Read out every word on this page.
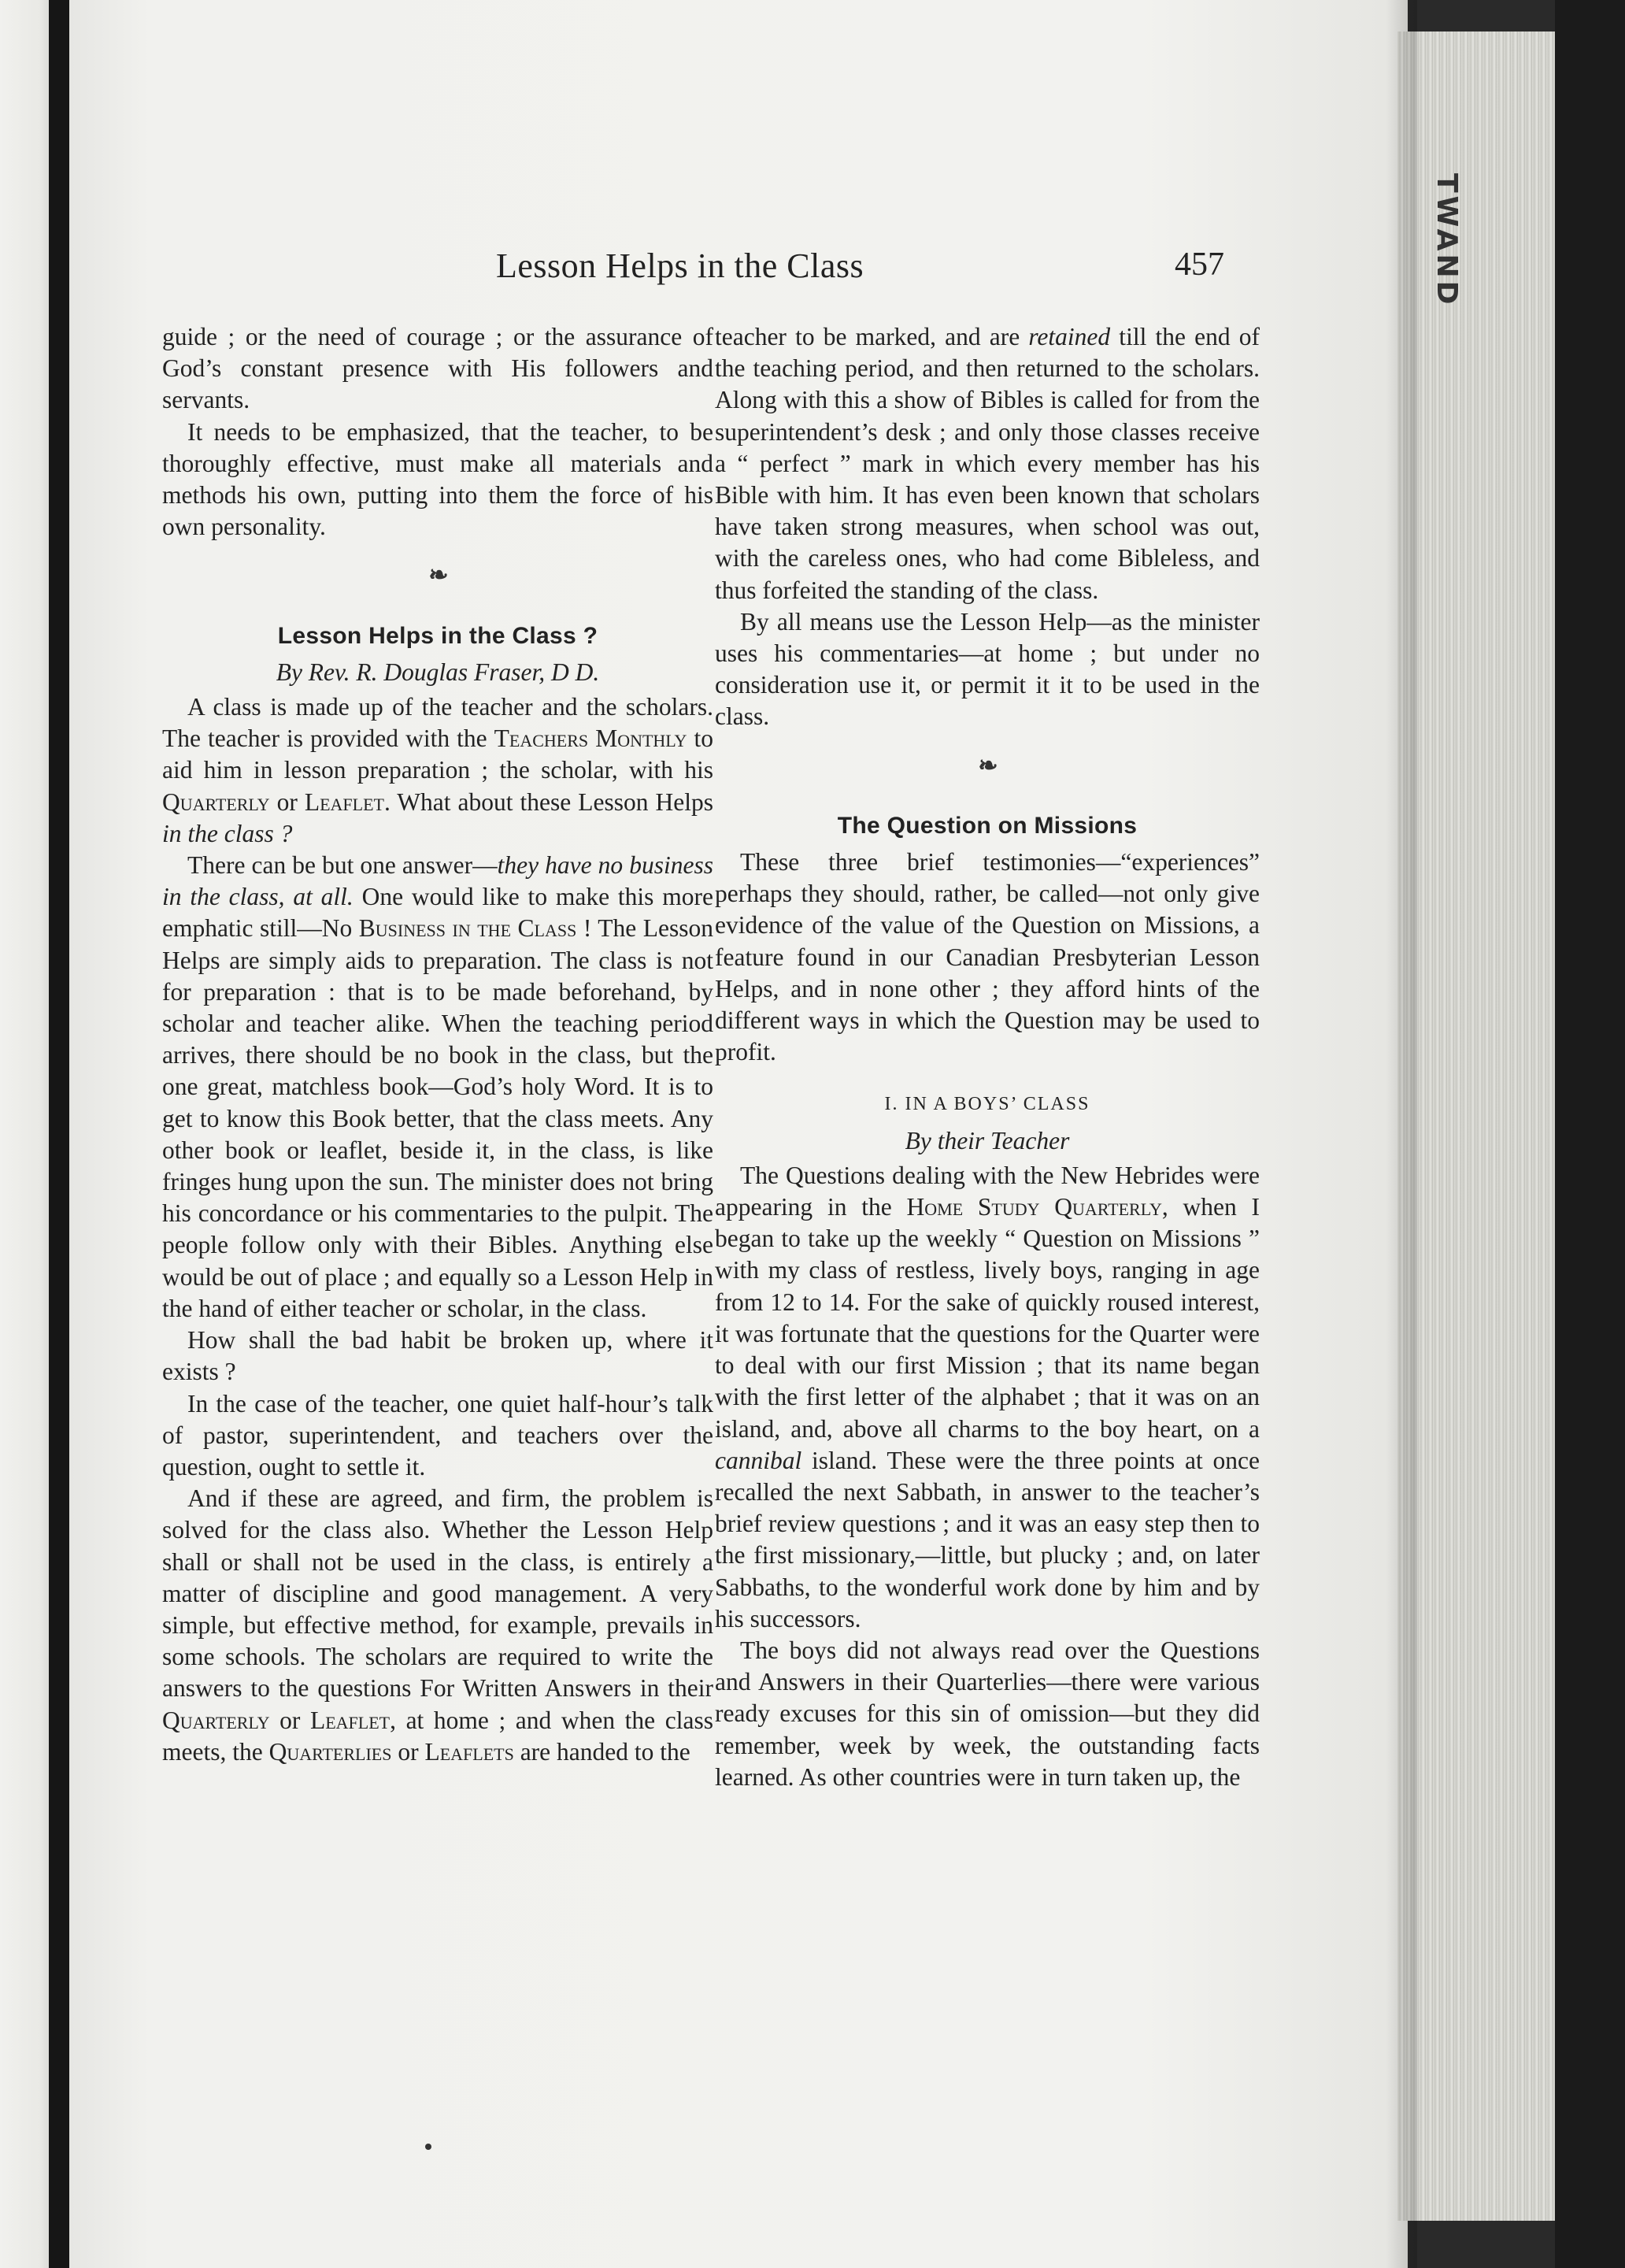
TWAND
Lesson Helps in the Class	457

guide ; or the need of courage ; or the assurance of God’s constant presence with His followers and servants.

It needs to be emphasized, that the teacher, to be thoroughly effective, must make all materials and methods his own, putting into them the force of his own personality.

❧
Lesson Helps in the Class ?
By Rev. R. Douglas Fraser, D D.

A class is made up of the teacher and the scholars. The teacher is provided with the Teachers Monthly to aid him in lesson preparation ; the scholar, with his Quarterly or Leaflet. What about these Lesson Helps in the class ?

There can be but one answer—they have no business in the class, at all. One would like to make this more emphatic still—No Business in the Class ! The Lesson Helps are simply aids to preparation. The class is not for preparation : that is to be made beforehand, by scholar and teacher alike. When the teaching period arrives, there should be no book in the class, but the one great, matchless book—God’s holy Word. It is to get to know this Book better, that the class meets. Any other book or leaflet, beside it, in the class, is like fringes hung upon the sun. The minister does not bring his concordance or his commentaries to the pulpit. The people follow only with their Bibles. Anything else would be out of place ; and equally so a Lesson Help in the hand of either teacher or scholar, in the class.

How shall the bad habit be broken up, where it exists ?

In the case of the teacher, one quiet half-hour’s talk of pastor, superintendent, and teachers over the question, ought to settle it.

And if these are agreed, and firm, the problem is solved for the class also. Whether the Lesson Help shall or shall not be used in the class, is entirely a matter of discipline and good management. A very simple, but effective method, for example, prevails in some schools. The scholars are required to write the answers to the questions For Written Answers in their Quarterly or Leaflet, at home ; and when the class meets, the Quarterlies or Leaflets are handed to the

teacher to be marked, and are retained till the end of the teaching period, and then returned to the scholars. Along with this a show of Bibles is called for from the superintendent’s desk ; and only those classes receive a “ perfect ” mark in which every member has his Bible with him. It has even been known that scholars have taken strong measures, when school was out, with the careless ones, who had come Bibleless, and thus forfeited the standing of the class.

By all means use the Lesson Help—as the minister uses his commentaries—at home ; but under no consideration use it, or permit it it to be used in the class.

❧
The Question on Missions

These three brief testimonies—“experiences” perhaps they should, rather, be called—not only give evidence of the value of the Question on Missions, a feature found in our Canadian Presbyterian Lesson Helps, and in none other ; they afford hints of the different ways in which the Question may be used to profit.

I. IN A BOYS’ CLASS
By their Teacher

The Questions dealing with the New Hebrides were appearing in the Home Study Quarterly, when I began to take up the weekly “ Question on Missions ” with my class of restless, lively boys, ranging in age from 12 to 14. For the sake of quickly roused interest, it was fortunate that the questions for the Quarter were to deal with our first Mission ; that its name began with the first letter of the alphabet ; that it was on an island, and, above all charms to the boy heart, on a cannibal island. These were the three points at once recalled the next Sabbath, in answer to the teacher’s brief review questions ; and it was an easy step then to the first missionary,—little, but plucky ; and, on later Sabbaths, to the wonderful work done by him and by his successors.

The boys did not always read over the Questions and Answers in their Quarterlies—there were various ready excuses for this sin of omission—but they did remember, week by week, the outstanding facts learned. As other countries were in turn taken up, the
